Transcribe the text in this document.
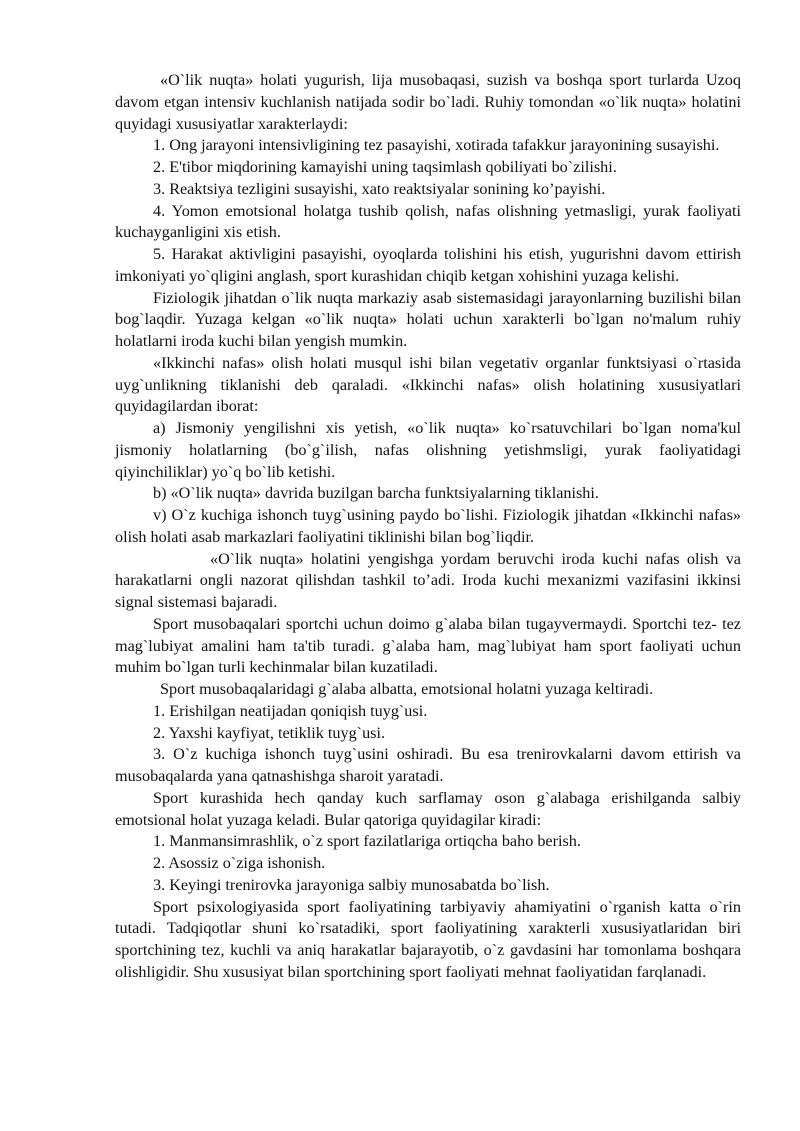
«O`lik nuqta» holati yugurish, lija musobaqasi, suzish va boshqa sport turlarda Uzoq davom etgan intensiv kuchlanish natijada sodir bo`ladi. Ruhiy tomondan «o`lik nuqta» holatini quyidagi xususiyatlar xarakterlaydi:

1. Ong jarayoni intensivligining tez pasayishi, xotirada tafakkur jarayonining susayishi.

2. E'tibor miqdorining kamayishi uning taqsimlash qobiliyati bo`zilishi.

3. Reaktsiya tezligini susayishi, xato reaktsiyalar sonining ko’payishi.

4. Yomon emotsional holatga tushib qolish, nafas olishning yetmasligi, yurak faoliyati kuchayganligini xis etish.

5. Harakat aktivligini pasayishi, oyoqlarda tolishini his etish, yugurishni davom ettirish imkoniyati yo`qligini anglash, sport kurashidan chiqib ketgan xohishini yuzaga kelishi.

Fiziologik jihatdan o`lik nuqta markaziy asab sistemasidagi jarayonlarning buzilishi bilan bog`laqdir. Yuzaga kelgan «o`lik nuqta» holati uchun xarakterli bo`lgan no'malum ruhiy holatlarni iroda kuchi bilan yengish mumkin.

«Ikkinchi nafas» olish holati musqul ishi bilan vegetativ organlar funktsiyasi o`rtasida uyg`unlikning tiklanishi deb qaraladi. «Ikkinchi nafas» olish holatining xususiyatlari quyidagilardan iborat:

a) Jismoniy yengilishni xis yetish, «o`lik nuqta» ko`rsatuvchilari bo`lgan noma'kul jismoniy holatlarning (bo`g`ilish, nafas olishning yetishmsligi, yurak faoliyatidagi qiyinchiliklar) yo`q bo`lib ketishi.

b) «O`lik nuqta» davrida buzilgan barcha funktsiyalarning tiklanishi.

v) O`z kuchiga ishonch tuyg`usining paydo bo`lishi. Fiziologik jihatdan «Ikkinchi nafas» olish holati asab markazlari faoliyatini tiklinishi bilan bog`liqdir.

«O`lik nuqta» holatini yengishga yordam beruvchi iroda kuchi nafas olish va harakatlarni ongli nazorat qilishdan tashkil to’adi. Iroda kuchi mexanizmi vazifasini ikkinsi signal sistemasi bajaradi.

Sport musobaqalari sportchi uchun doimo g`alaba bilan tugayvermaydi. Sportchi tez- tez mag`lubiyat amalini ham ta'tib turadi. g`alaba ham, mag`lubiyat ham sport faoliyati uchun muhim bo`lgan turli kechinmalar bilan kuzatiladi.

Sport musobaqalaridagi g`alaba albatta, emotsional holatni yuzaga keltiradi.

1. Erishilgan neatijadan qoniqish tuyg`usi.

2. Yaxshi kayfiyat, tetiklik tuyg`usi.

3. O`z kuchiga ishonch tuyg`usini oshiradi. Bu esa trenirovkalarni davom ettirish va musobaqalarda yana qatnashishga sharoit yaratadi.

Sport kurashida hech qanday kuch sarflamay oson g`alabaga erishilganda salbiy emotsional holat yuzaga keladi. Bular qatoriga quyidagilar kiradi:

1. Manmansimrashlik, o`z sport fazilatlariga ortiqcha baho berish.

2. Asossiz o`ziga ishonish.

3. Keyingi trenirovka jarayoniga salbiy munosabatda bo`lish.

Sport psixologiyasida sport faoliyatining tarbiyaviy ahamiyatini o`rganish katta o`rin tutadi. Tadqiqotlar shuni ko`rsatadiki, sport faoliyatining xarakterli xususiyatlaridan biri sportchining tez, kuchli va aniq harakatlar bajarayotib, o`z gavdasini har tomonlama boshqara olishligidir. Shu xususiyat bilan sportchining sport faoliyati mehnat faoliyatidan farqlanadi.
